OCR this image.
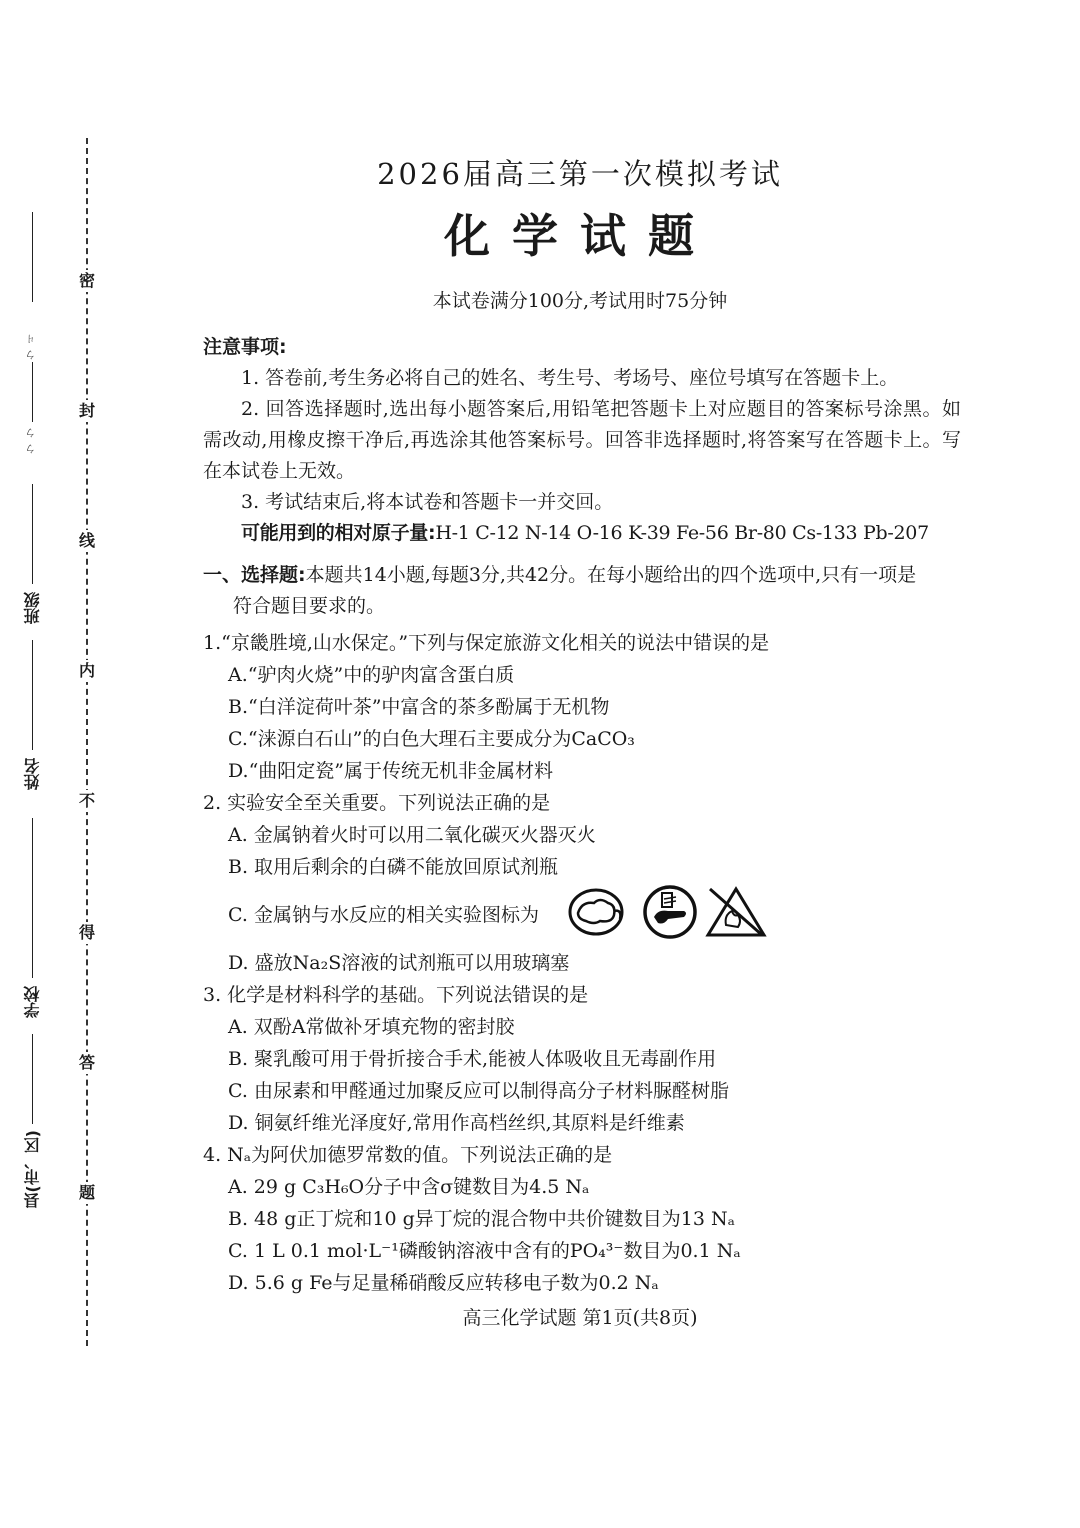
密
封
线
内
不
得
答
题
ㄅ ㄐ
ㄅ ㄅ
班级
姓名
学校
县(市、区)
2026届高三第一次模拟考试
化学试题
本试卷满分100分,考试用时75分钟

注意事项:

1. 答卷前,考生务必将自己的姓名、考生号、考场号、座位号填写在答题卡上。

2. 回答选择题时,选出每小题答案后,用铅笔把答题卡上对应题目的答案标号涂黑。如需改动,用橡皮擦干净后,再选涂其他答案标号。回答非选择题时,将答案写在答题卡上。写在本试卷上无效。

3. 考试结束后,将本试卷和答题卡一并交回。

可能用到的相对原子量:H-1 C-12 N-14 O-16 K-39 Fe-56 Br-80 Cs-133 Pb-207

一、选择题:本题共14小题,每题3分,共42分。在每小题给出的四个选项中,只有一项是

符合题目要求的。

1.“京畿胜境,山水保定。”下列与保定旅游文化相关的说法中错误的是
A.“驴肉火烧”中的驴肉富含蛋白质
B.“白洋淀荷叶茶”中富含的茶多酚属于无机物
C.“涞源白石山”的白色大理石主要成分为CaCO₃
D.“曲阳定瓷”属于传统无机非金属材料
2. 实验安全至关重要。下列说法正确的是
A. 金属钠着火时可以用二氧化碳灭火器灭火
B. 取用后剩余的白磷不能放回原试剂瓶
C. 金属钠与水反应的相关实验图标为
D. 盛放Na₂S溶液的试剂瓶可以用玻璃塞
3. 化学是材料科学的基础。下列说法错误的是
A. 双酚A常做补牙填充物的密封胶
B. 聚乳酸可用于骨折接合手术,能被人体吸收且无毒副作用
C. 由尿素和甲醛通过加聚反应可以制得高分子材料脲醛树脂
D. 铜氨纤维光泽度好,常用作高档丝织,其原料是纤维素
4. Nₐ为阿伏加德罗常数的值。下列说法正确的是
A. 29 g C₃H₆O分子中含σ键数目为4.5 Nₐ
B. 48 g正丁烷和10 g异丁烷的混合物中共价键数目为13 Nₐ
C. 1 L 0.1 mol·L⁻¹磷酸钠溶液中含有的PO₄³⁻数目为0.1 Nₐ
D. 5.6 g Fe与足量稀硝酸反应转移电子数为0.2 Nₐ
高三化学试题 第1页(共8页)
